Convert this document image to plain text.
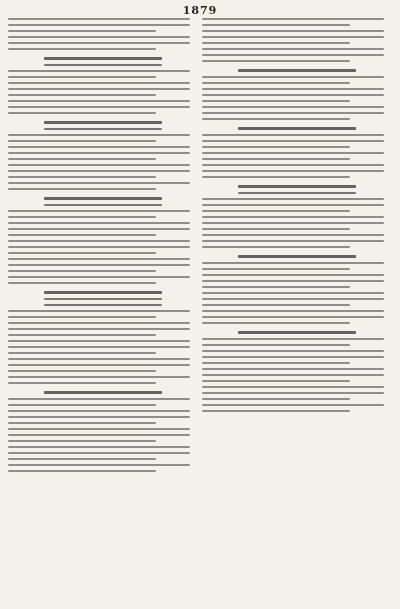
1879
